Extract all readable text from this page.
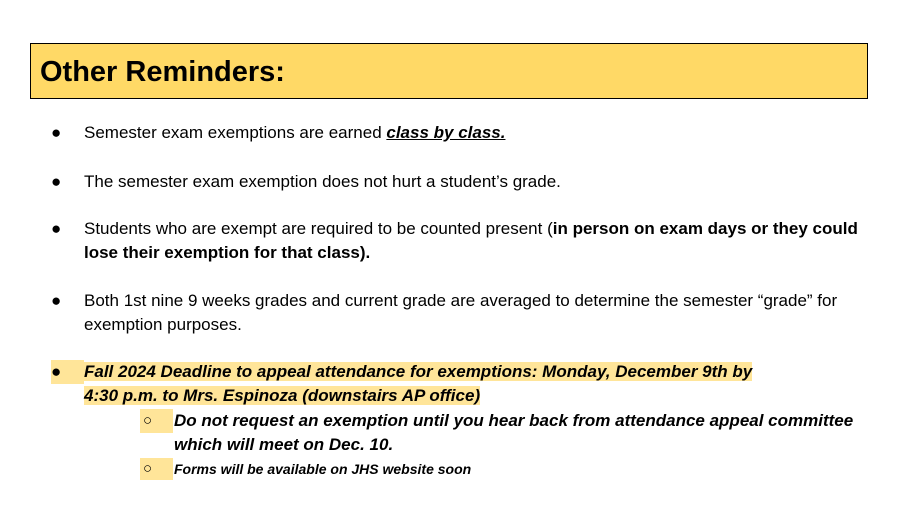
Other Reminders:
● Semester exam exemptions are earned class by class.
● The semester exam exemption does not hurt a student’s grade.
● Students who are exempt are required to be counted present (in person on exam days or they could lose their exemption for that class).
● Both 1st nine 9 weeks grades and current grade are averaged to determine the semester “grade” for exemption purposes.
●	Fall 2024 Deadline to appeal attendance for exemptions: Monday, December 9th by
4:30 p.m. to Mrs. Espinoza (downstairs AP office)
○	Do not request an exemption until you hear back from attendance appeal committee which will meet on Dec. 10.
○	Forms will be available on JHS website soon
